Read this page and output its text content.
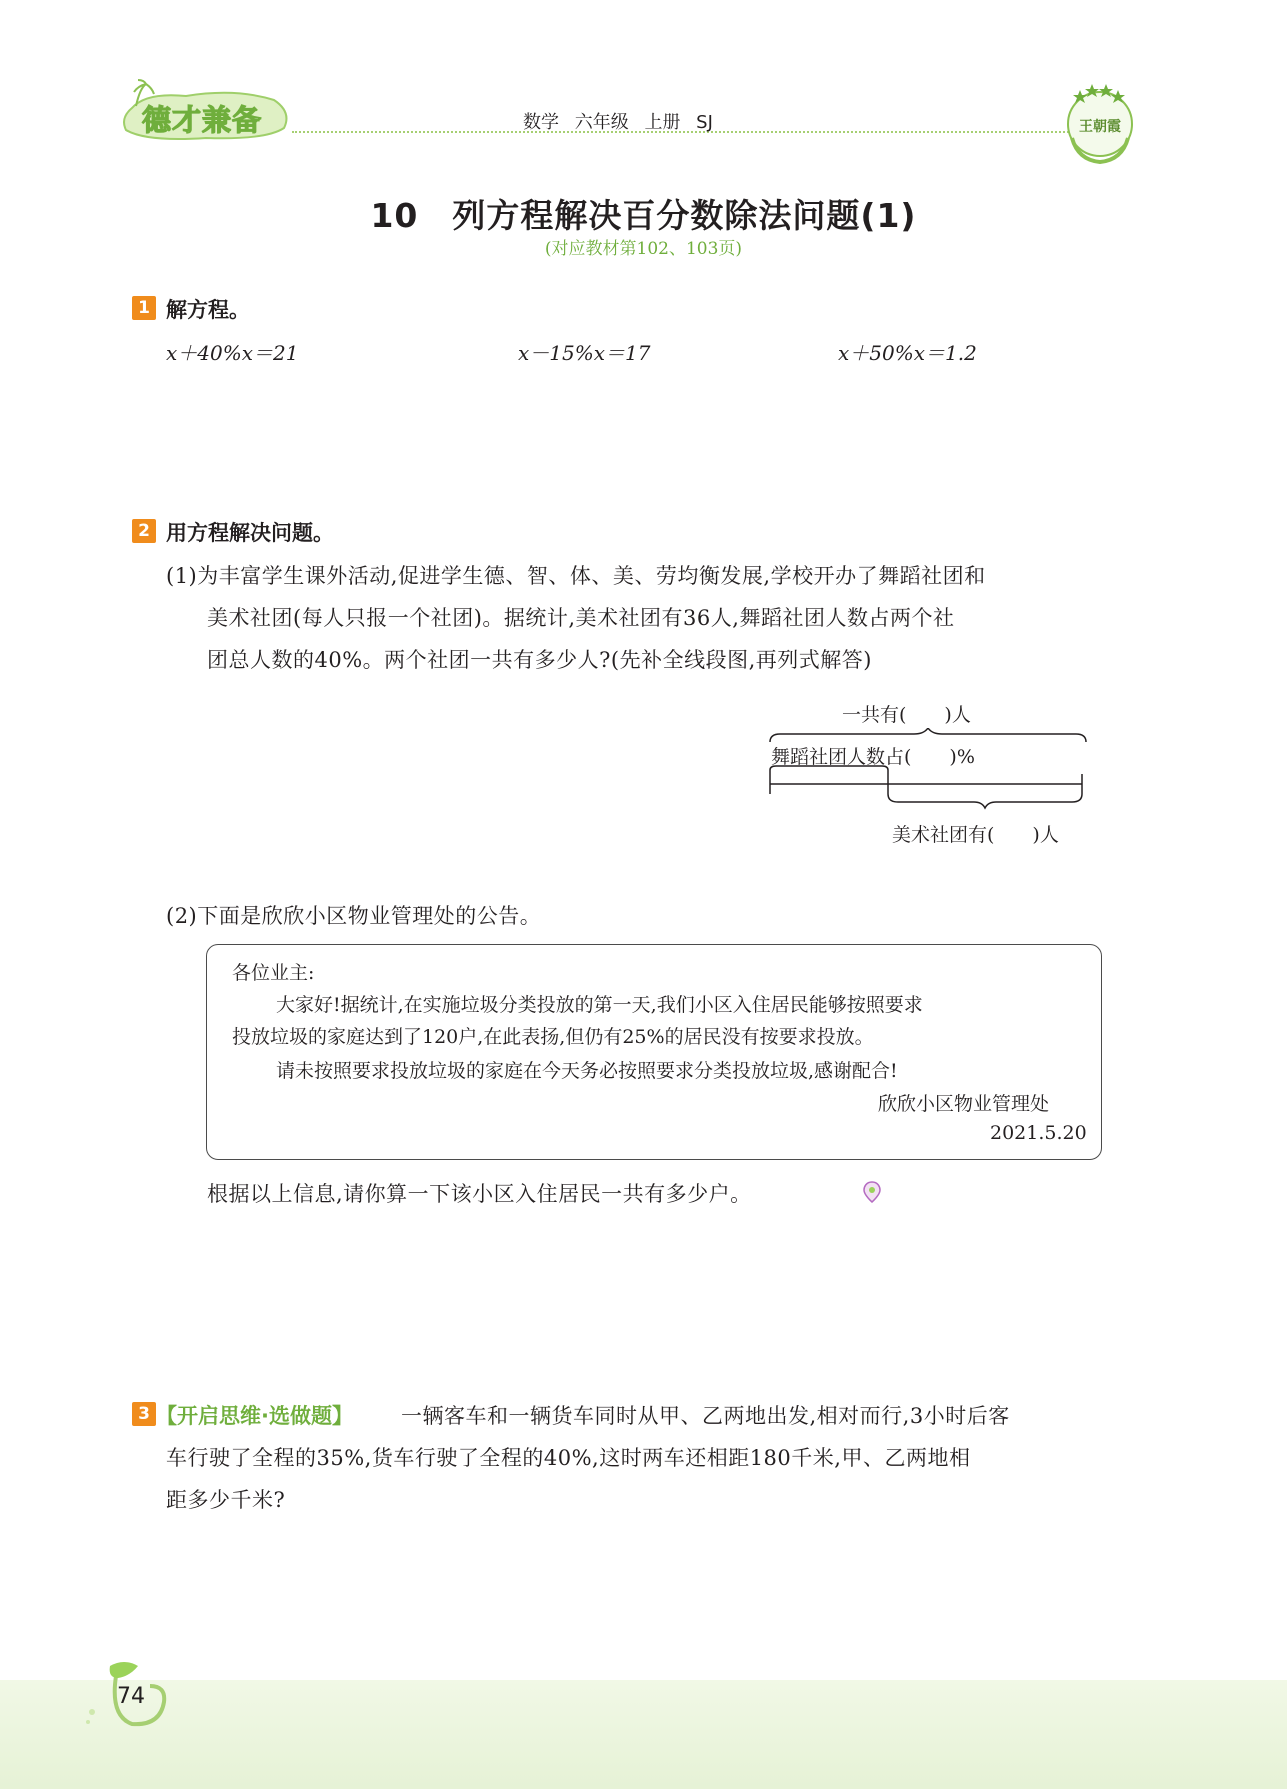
德才兼备	数学 六年级 上册 SJ	王朝霞
10　列方程解决百分数除法问题(1)
(对应教材第102、103页)
1 解方程。
x＋40%x＝21	x－15%x＝17	x＋50%x＝1.2
2 用方程解决问题。
(1)为丰富学生课外活动,促进学生德、智、体、美、劳均衡发展,学校开办了舞蹈社团和
美术社团(每人只报一个社团)。据统计,美术社团有36人,舞蹈社团人数占两个社
团总人数的40%。两个社团一共有多少人?(先补全线段图,再列式解答)
一共有(　　)人
舞蹈社团人数占(　　)%
美术社团有(　　)人
(2)下面是欣欣小区物业管理处的公告。
各位业主:
大家好!据统计,在实施垃圾分类投放的第一天,我们小区入住居民能够按照要求
投放垃圾的家庭达到了120户,在此表扬,但仍有25%的居民没有按要求投放。
请未按照要求投放垃圾的家庭在今天务必按照要求分类投放垃圾,感谢配合!
欣欣小区物业管理处
2021.5.20
根据以上信息,请你算一下该小区入住居民一共有多少户。
3 【开启思维·选做题】 一辆客车和一辆货车同时从甲、乙两地出发,相对而行,3小时后客
车行驶了全程的35%,货车行驶了全程的40%,这时两车还相距180千米,甲、乙两地相
距多少千米?
74
